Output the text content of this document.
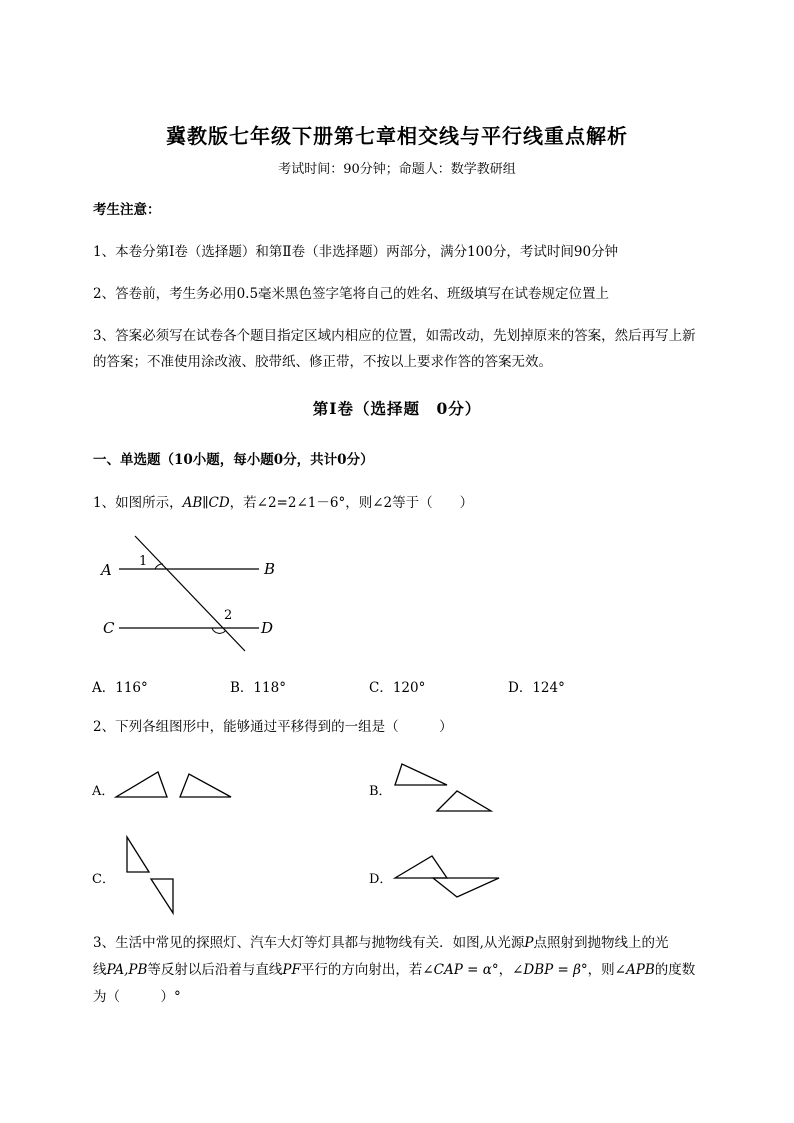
冀教版七年级下册第七章相交线与平行线重点解析
考试时间：90分钟；命题人：数学教研组
考生注意：
1、本卷分第I卷（选择题）和第Ⅱ卷（非选择题）两部分，满分100分，考试时间90分钟
2、答卷前，考生务必用0.5毫米黑色签字笔将自己的姓名、班级填写在试卷规定位置上
3、答案必须写在试卷各个题目指定区域内相应的位置，如需改动，先划掉原来的答案，然后再写上新
的答案；不准使用涂改液、胶带纸、修正带，不按以上要求作答的答案无效。
第I卷（选择题　0分）
一、单选题（10小题，每小题0分，共计0分）
1、如图所示，AB∥CD，若∠2=2∠1－6°，则∠2等于（　　）
A	B
C	D
1
2
A．116°	B．118°	C．120°	D．124°
2、下列各组图形中，能够通过平移得到的一组是（　　　）
A．	B．
C．	D．
3、生活中常见的探照灯、汽车大灯等灯具都与抛物线有关．如图,从光源P点照射到抛物线上的光
线PA,PB等反射以后沿着与直线PF平行的方向射出，若∠CAP = α°，∠DBP = β°，则∠APB的度数
为（　　　）°
